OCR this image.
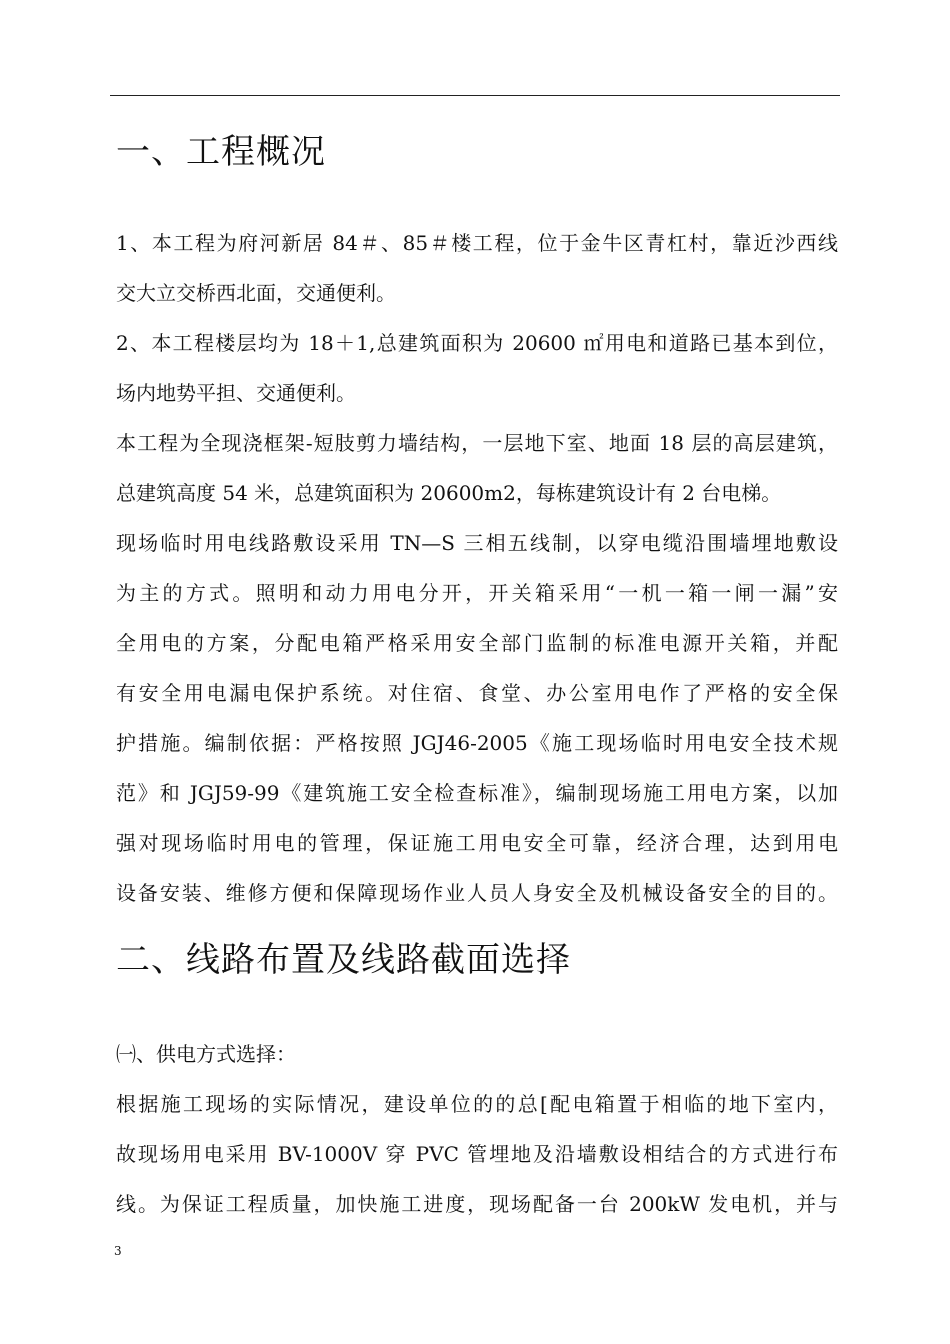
一、工程概况
1、本工程为府河新居 84＃、85＃楼工程，位于金牛区青杠村，靠近沙西线
交大立交桥西北面，交通便利。
2、本工程楼层均为 18＋1,总建筑面积为 20600 ㎡用电和道路已基本到位，
场内地势平担、交通便利。
本工程为全现浇框架-短肢剪力墙结构，一层地下室、地面 18 层的高层建筑，
总建筑高度 54 米，总建筑面积为 20600m2，每栋建筑设计有 2 台电梯。
现场临时用电线路敷设采用 TN—S 三相五线制，以穿电缆沿围墙埋地敷设
为主的方式。照明和动力用电分开，开关箱采用“一机一箱一闸一漏”安
全用电的方案，分配电箱严格采用安全部门监制的标准电源开关箱，并配
有安全用电漏电保护系统。对住宿、食堂、办公室用电作了严格的安全保
护措施。编制依据：严格按照 JGJ46-2005《施工现场临时用电安全技术规
范》和 JGJ59-99《建筑施工安全检查标准》，编制现场施工用电方案，以加
强对现场临时用电的管理，保证施工用电安全可靠，经济合理，达到用电
设备安装、维修方便和保障现场作业人员人身安全及机械设备安全的目的。
二、线路布置及线路截面选择
㈠、供电方式选择：
根据施工现场的实际情况，建设单位的的总[配电箱置于相临的地下室内，
故现场用电采用 BV-1000V 穿 PVC 管埋地及沿墙敷设相结合的方式进行布
线。为保证工程质量，加快施工进度，现场配备一台 200kW 发电机，并与
3
